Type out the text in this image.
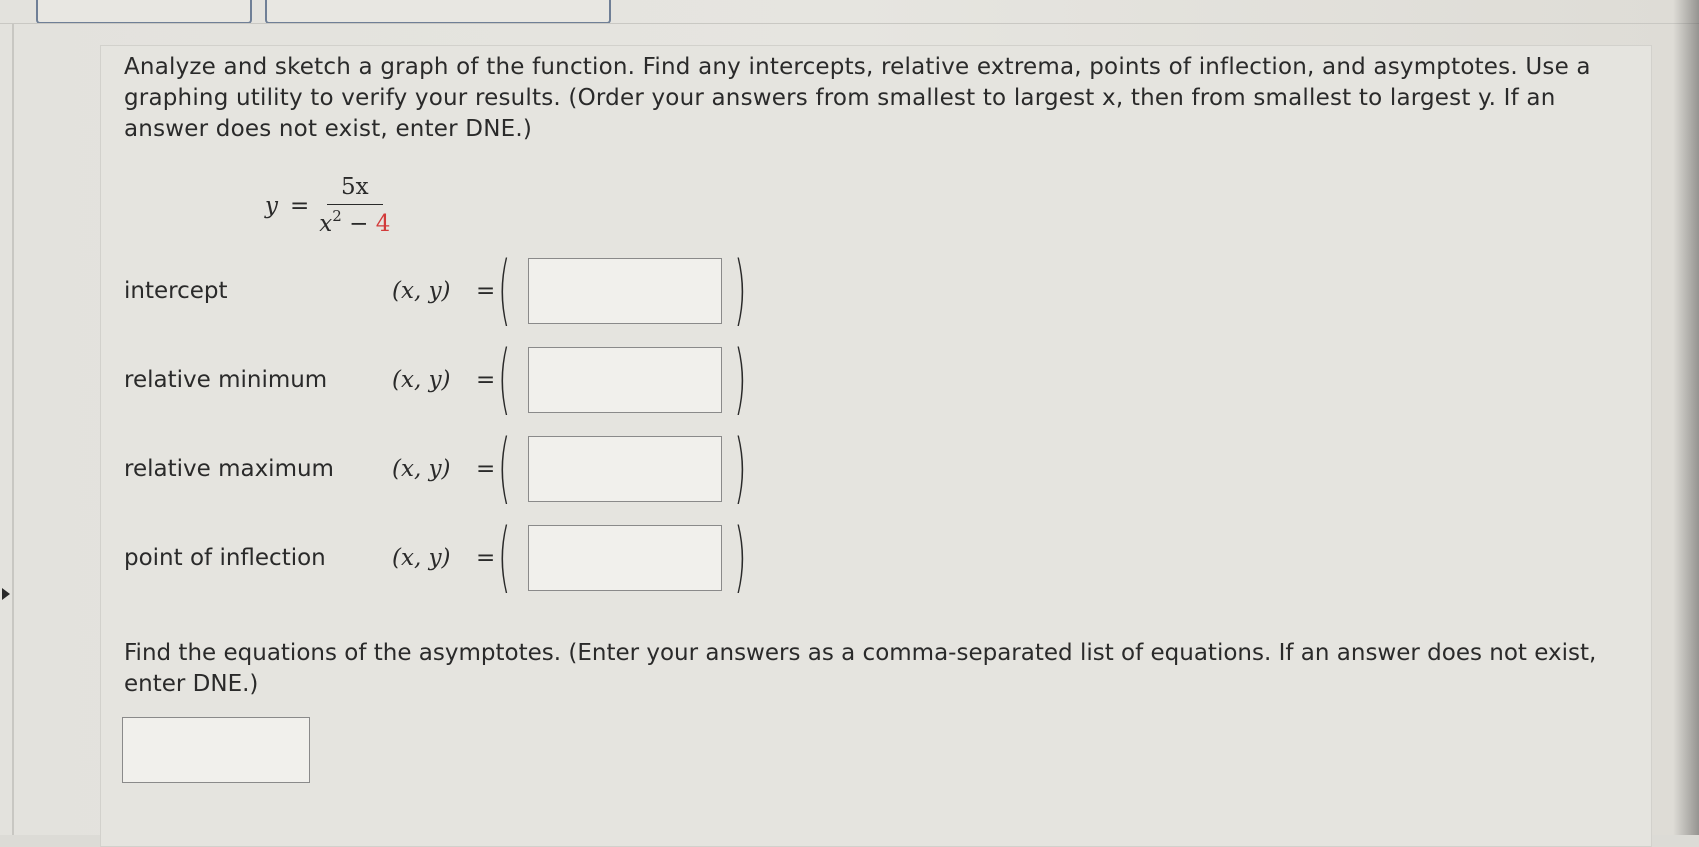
Analyze and sketch a graph of the function. Find any intercepts, relative extrema, points of inflection, and asymptotes. Use a graphing utility to verify your results. (Order your answers from smallest to largest x, then from smallest to largest y. If an answer does not exist, enter DNE.)

$y = \frac{5x}{x^2 - 4}$
intercept	(x, y) = (	)
relative minimum	(x, y) = (	)
relative maximum	(x, y) = (	)
point of inflection	(x, y) = (	)

Find the equations of the asymptotes. (Enter your answers as a comma-separated list of equations. If an answer does not exist, enter DNE.)
